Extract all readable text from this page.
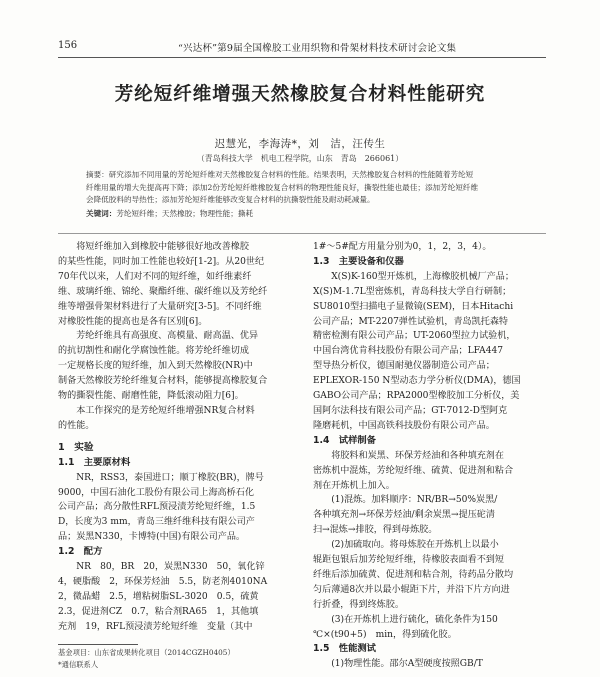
156	“兴达杯”第9届全国橡胶工业用织物和骨架材料技术研讨会论文集
芳纶短纤维增强天然橡胶复合材料性能研究
迟慧光，李海涛*，刘　洁，汪传生
（青岛科技大学　机电工程学院，山东　青岛　266061）
摘要：研究添加不同用量的芳纶短纤维对天然橡胶复合材料的性能。结果表明，天然橡胶复合材料的性能随着芳纶短
纤维用量的增大先提高再下降；添加2份芳纶短纤维橡胶复合材料的物理性能良好，撕裂性能也最佳；添加芳纶短纤维
会降低胶料的导热性；添加芳纶短纤维能够改变复合材料的抗撕裂性能及耐动耗减量。
关键词：芳纶短纤维；天然橡胶；物理性能；撕耗
　　将短纤维加入到橡胶中能够很好地改善橡胶
的某些性能，同时加工性能也较好[1-2]。从20世纪
70年代以来，人们对不同的短纤维，如纤维素纤
维、玻璃纤维、锦纶、聚酯纤维、碳纤维以及芳纶纤
维等增强骨架材料进行了大量研究[3-5]。不同纤维
对橡胶性能的提高也是各有区别[6]。
　　芳纶纤维具有高强度、高模量、耐高温、优异
的抗切割性和耐化学腐蚀性能。将芳纶纤维切成
一定规格长度的短纤维，加入到天然橡胶(NR)中
制备天然橡胶芳纶纤维复合材料，能够提高橡胶复合
物的撕裂性能、耐磨性能，降低滚动阻力[6]。
　　本工作探究的是芳纶短纤维增强NR复合材料
的性能。
1　实验
1.1　主要原材料
　　NR，RSS3，泰国进口；顺丁橡胶(BR)，牌号
9000，中国石油化工股份有限公司上海高桥石化
公司产品；高分散性RFL预浸渍芳纶短纤维，1.5
D，长度为3 mm，青岛三维纤维科技有限公司产
品；炭黑N330，卡博特(中国)有限公司产品。
1.2　配方
　　NR　80，BR　20，炭黑N330　50，氧化锌
4，硬脂酸　2，环保芳烃油　5.5，防老剂4010NA
2，微晶蜡　2.5，增粘树脂SL-3020　0.5，硫黄
2.3，促进剂CZ　0.7，粘合剂RA65　1，其他填
充剂　19，RFL预浸渍芳纶短纤维　变量（其中
1#～5#配方用量分别为0，1，2，3，4）。
1.3　主要设备和仪器
　　X(S)K-160型开炼机，上海橡胶机械厂产品；
X(S)M-1.7L型密炼机，青岛科技大学自行研制；
SU8010型扫描电子显微镜(SEM)，日本Hitachi
公司产品；MT-2207弹性试验机，青岛凯托森特
精密检测有限公司产品；UT-2060型拉力试验机，
中国台湾优肯科技股份有限公司产品；LFA447
型导热分析仪，德国耐驰仪器制造公司产品；
EPLEXOR-150 N型动态力学分析仪(DMA)，德国
GABO公司产品；RPA2000型橡胶加工分析仪，美
国阿尔法科技有限公司产品；GT-7012-D型阿克
隆磨耗机，中国高铁科技股份有限公司产品。
1.4　试样制备
　　将胶料和炭黑、环保芳烃油和各种填充剂在
密炼机中混炼，芳纶短纤维、硫黄、促进剂和粘合
剂在开炼机上加入。
　　(1)混炼。加料顺序：NR/BR→50%炭黑/
各种填充剂→环保芳烃油/剩余炭黑→提压砣清
扫→混炼→排胶，得到母炼胶。
　　(2)加硫取向。将母炼胶在开炼机上以最小
辊距包银后加芳纶短纤维，待橡胶表面看不到短
纤维后添加硫黄、促进剂和粘合剂，待药品分散均
匀后薄通8次并以最小辊距下片，并沿下片方向进
行折叠，得到终炼胶。
　　(3)在开炼机上进行硫化，硫化条件为150
℃×(t90+5)　min，得到硫化胶。
1.5　性能测试
　　(1)物理性能。邵尔A型硬度按照GB/T
基金项目：山东省成果转化项目（2014CGZH0405）
*通信联系人
